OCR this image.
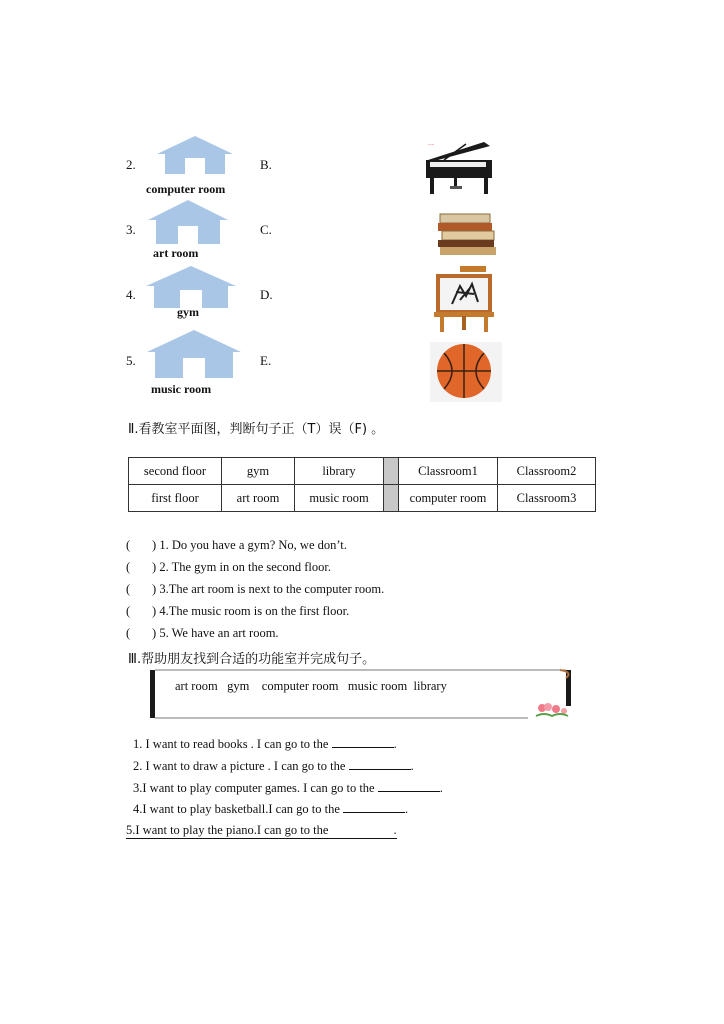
2.
computer room
B.
3.
art room
C.
4.
gym
D.
5.
music room
E.
·····
Ⅱ.看教室平面图，判断句子正（T）误（F) 。
second floor	gym	library		Classroom1	Classroom2
first floor	art room	music room		computer room	Classroom3
(       ) 1. Do you have a gym? No, we don’t.
(       ) 2. The gym in on the second floor.
(       ) 3.The art room is next to the computer room.
(       ) 4.The music room is on the first floor.
(       ) 5. We have an art room.
Ⅲ.帮助朋友找到合适的功能室并完成句子。
art room   gym    computer room   music room  library
1. I want to read books . I can go to the	.
2. I want to draw a picture . I can go to the	.
3.I want to play computer games. I can go to the	.
4.I want to play basketball.I can go to the	.
5.I want to play the piano.I can go to the	.
